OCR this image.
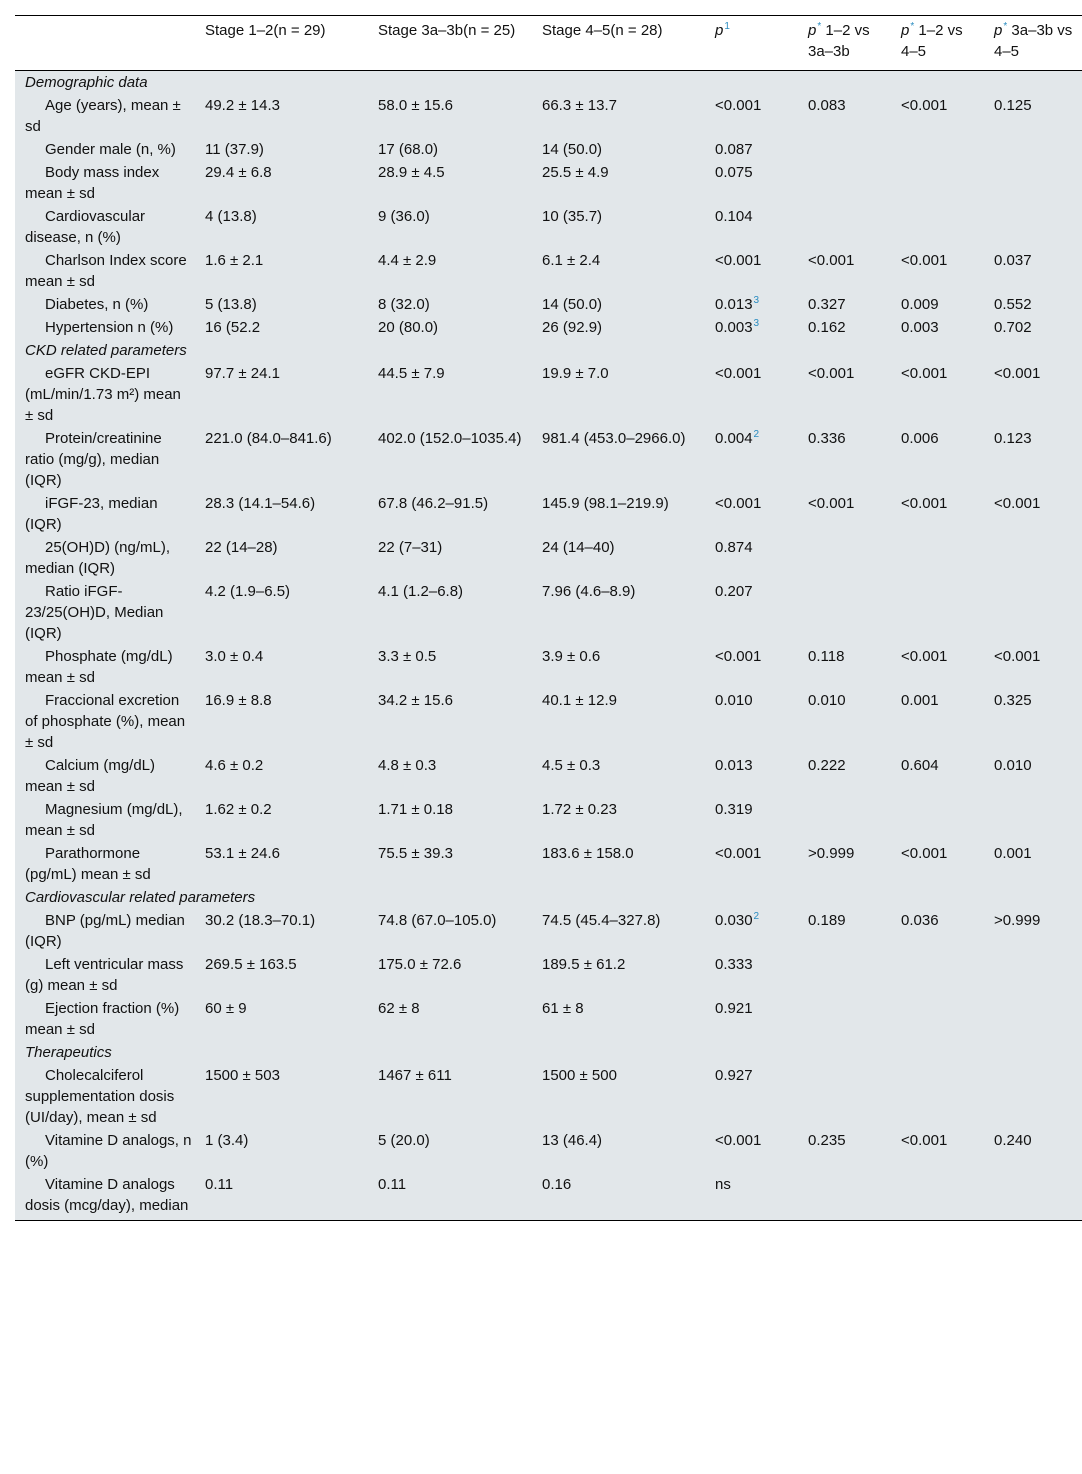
	Stage 1–2(n = 29)	Stage 3a–3b(n = 25)	Stage 4–5(n = 28)	$p^1$	p* 1–2 vs 3a–3b	p* 1–2 vs 4–5	p* 3a–3b vs 4–5
Demographic data							
Age (years), mean ± sd	49.2 ± 14.3	58.0 ± 15.6	66.3 ± 13.7	<0.001	0.083	<0.001	0.125
Gender male (n, %)	11 (37.9)	17 (68.0)	14 (50.0)	0.087			
Body mass index mean ± sd	29.4 ± 6.8	28.9 ± 4.5	25.5 ± 4.9	0.075			
Cardiovascular disease, n (%)	4 (13.8)	9 (36.0)	10 (35.7)	0.104			
Charlson Index score mean ± sd	1.6 ± 2.1	4.4 ± 2.9	6.1 ± 2.4	<0.001	<0.001	<0.001	0.037
Diabetes, n (%)	5 (13.8)	8 (32.0)	14 (50.0)	0.013$^3$	0.327	0.009	0.552
Hypertension n (%)	16 (52.2	20 (80.0)	26 (92.9)	0.003$^3$	0.162	0.003	0.702
CKD related parameters							
eGFR CKD-EPI (mL/min/1.73 m²) mean ± sd	97.7 ± 24.1	44.5 ± 7.9	19.9 ± 7.0	<0.001	<0.001	<0.001	<0.001
Protein/creatinine ratio (mg/g), median (IQR)	221.0 (84.0–841.6)	402.0 (152.0–1035.4)	981.4 (453.0–2966.0)	0.004$^2$	0.336	0.006	0.123
iFGF-23, median (IQR)	28.3 (14.1–54.6)	67.8 (46.2–91.5)	145.9 (98.1–219.9)	<0.001	<0.001	<0.001	<0.001
25(OH)D) (ng/mL), median (IQR)	22 (14–28)	22 (7–31)	24 (14–40)	0.874			
Ratio iFGF-23/25(OH)D, Median (IQR)	4.2 (1.9–6.5)	4.1 (1.2–6.8)	7.96 (4.6–8.9)	0.207			
Phosphate (mg/dL) mean ± sd	3.0 ± 0.4	3.3 ± 0.5	3.9 ± 0.6	<0.001	0.118	<0.001	<0.001
Fraccional excretion of phosphate (%), mean ± sd	16.9 ± 8.8	34.2 ± 15.6	40.1 ± 12.9	0.010	0.010	0.001	0.325
Calcium (mg/dL) mean ± sd	4.6 ± 0.2	4.8 ± 0.3	4.5 ± 0.3	0.013	0.222	0.604	0.010
Magnesium (mg/dL), mean ± sd	1.62 ± 0.2	1.71 ± 0.18	1.72 ± 0.23	0.319			
Parathormone (pg/mL) mean ± sd	53.1 ± 24.6	75.5 ± 39.3	183.6 ± 158.0	<0.001	>0.999	<0.001	0.001
Cardiovascular related parameters							
BNP (pg/mL) median (IQR)	30.2 (18.3–70.1)	74.8 (67.0–105.0)	74.5 (45.4–327.8)	0.030$^2$	0.189	0.036	>0.999
Left ventricular mass (g) mean ± sd	269.5 ± 163.5	175.0 ± 72.6	189.5 ± 61.2	0.333			
Ejection fraction (%) mean ± sd	60 ± 9	62 ± 8	61 ± 8	0.921			
Therapeutics							
Cholecalciferol supplementation dosis (UI/day), mean ± sd	1500 ± 503	1467 ± 611	1500 ± 500	0.927			
Vitamine D analogs, n (%)	1 (3.4)	5 (20.0)	13 (46.4)	<0.001	0.235	<0.001	0.240
Vitamine D analogs dosis (mcg/day), median	0.11	0.11	0.16	ns			
